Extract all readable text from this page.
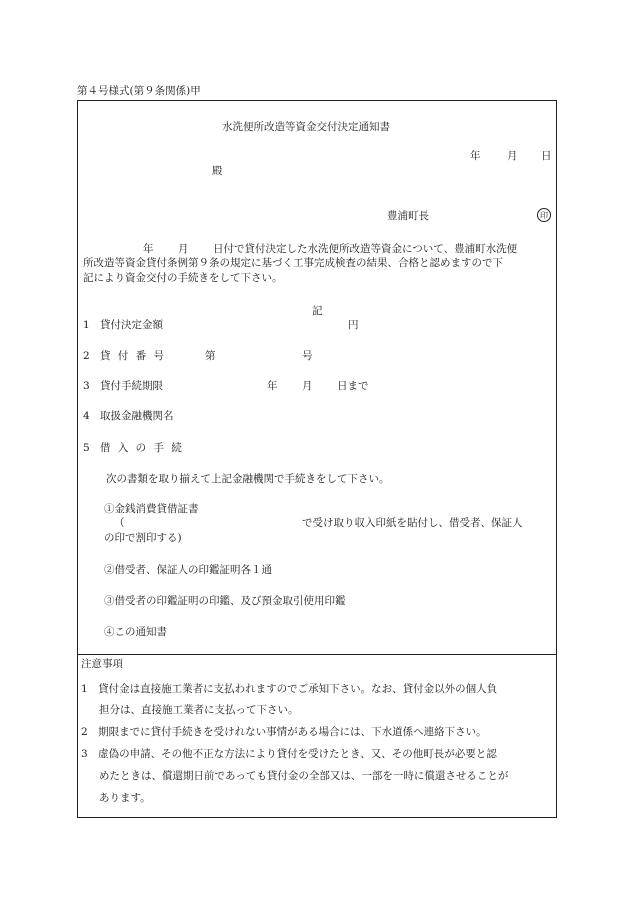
第４号様式(第９条関係)甲
水洗便所改造等資金交付決定通知書
年	月 日
殿
豊浦町長	印
年 月 日付で貸付決定した水洗便所改造等資金について、豊浦町水洗便
所改造等資金貸付条例第９条の規定に基づく工事完成検査の結果、合格と認めますので下
記により資金交付の手続きをして下さい。
記
1 貸付決定金額	円
2 貸 付 番 号	第	号
3 貸付手続期限	年 月 日まで
4 取扱金融機関名
5 借 入 の 手 続
次の書類を取り揃えて上記金融機関で手続きをして下さい。
①金銭消費貸借証書
（	で受け取り収入印紙を貼付し、借受者、保証人
の印で割印する)
②借受者、保証人の印鑑証明各１通
③借受者の印鑑証明の印鑑、及び預金取引使用印鑑
④この通知書
注意事項
1　貸付金は直接施工業者に支払われますのでご承知下さい。なお、貸付金以外の個人負
担分は、直接施工業者に支払って下さい。
2　期限までに貸付手続きを受けれない事情がある場合には、下水道係へ連絡下さい。
3　虚偽の申請、その他不正な方法により貸付を受けたとき、又、その他町長が必要と認
めたときは、償還期日前であっても貸付金の全部又は、一部を一時に償還させることが
あります。
